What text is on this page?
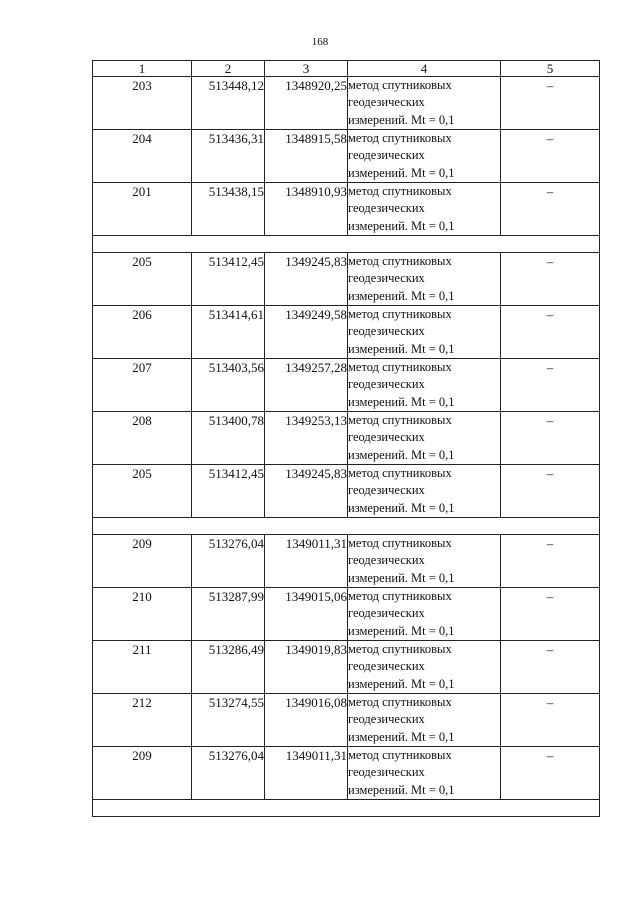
168
1	2	3	4	5
203	513448,12	1348920,25	метод спутниковых
геодезических
измерений. Mt = 0,1	–
204	513436,31	1348915,58	метод спутниковых
геодезических
измерений. Mt = 0,1	–
201	513438,15	1348910,93	метод спутниковых
геодезических
измерений. Mt = 0,1	–

205	513412,45	1349245,83	метод спутниковых
геодезических
измерений. Mt = 0,1	–
206	513414,61	1349249,58	метод спутниковых
геодезических
измерений. Mt = 0,1	–
207	513403,56	1349257,28	метод спутниковых
геодезических
измерений. Mt = 0,1	–
208	513400,78	1349253,13	метод спутниковых
геодезических
измерений. Mt = 0,1	–
205	513412,45	1349245,83	метод спутниковых
геодезических
измерений. Mt = 0,1	–

209	513276,04	1349011,31	метод спутниковых
геодезических
измерений. Mt = 0,1	–
210	513287,99	1349015,06	метод спутниковых
геодезических
измерений. Mt = 0,1	–
211	513286,49	1349019,83	метод спутниковых
геодезических
измерений. Mt = 0,1	–
212	513274,55	1349016,08	метод спутниковых
геодезических
измерений. Mt = 0,1	–
209	513276,04	1349011,31	метод спутниковых
геодезических
измерений. Mt = 0,1	–
